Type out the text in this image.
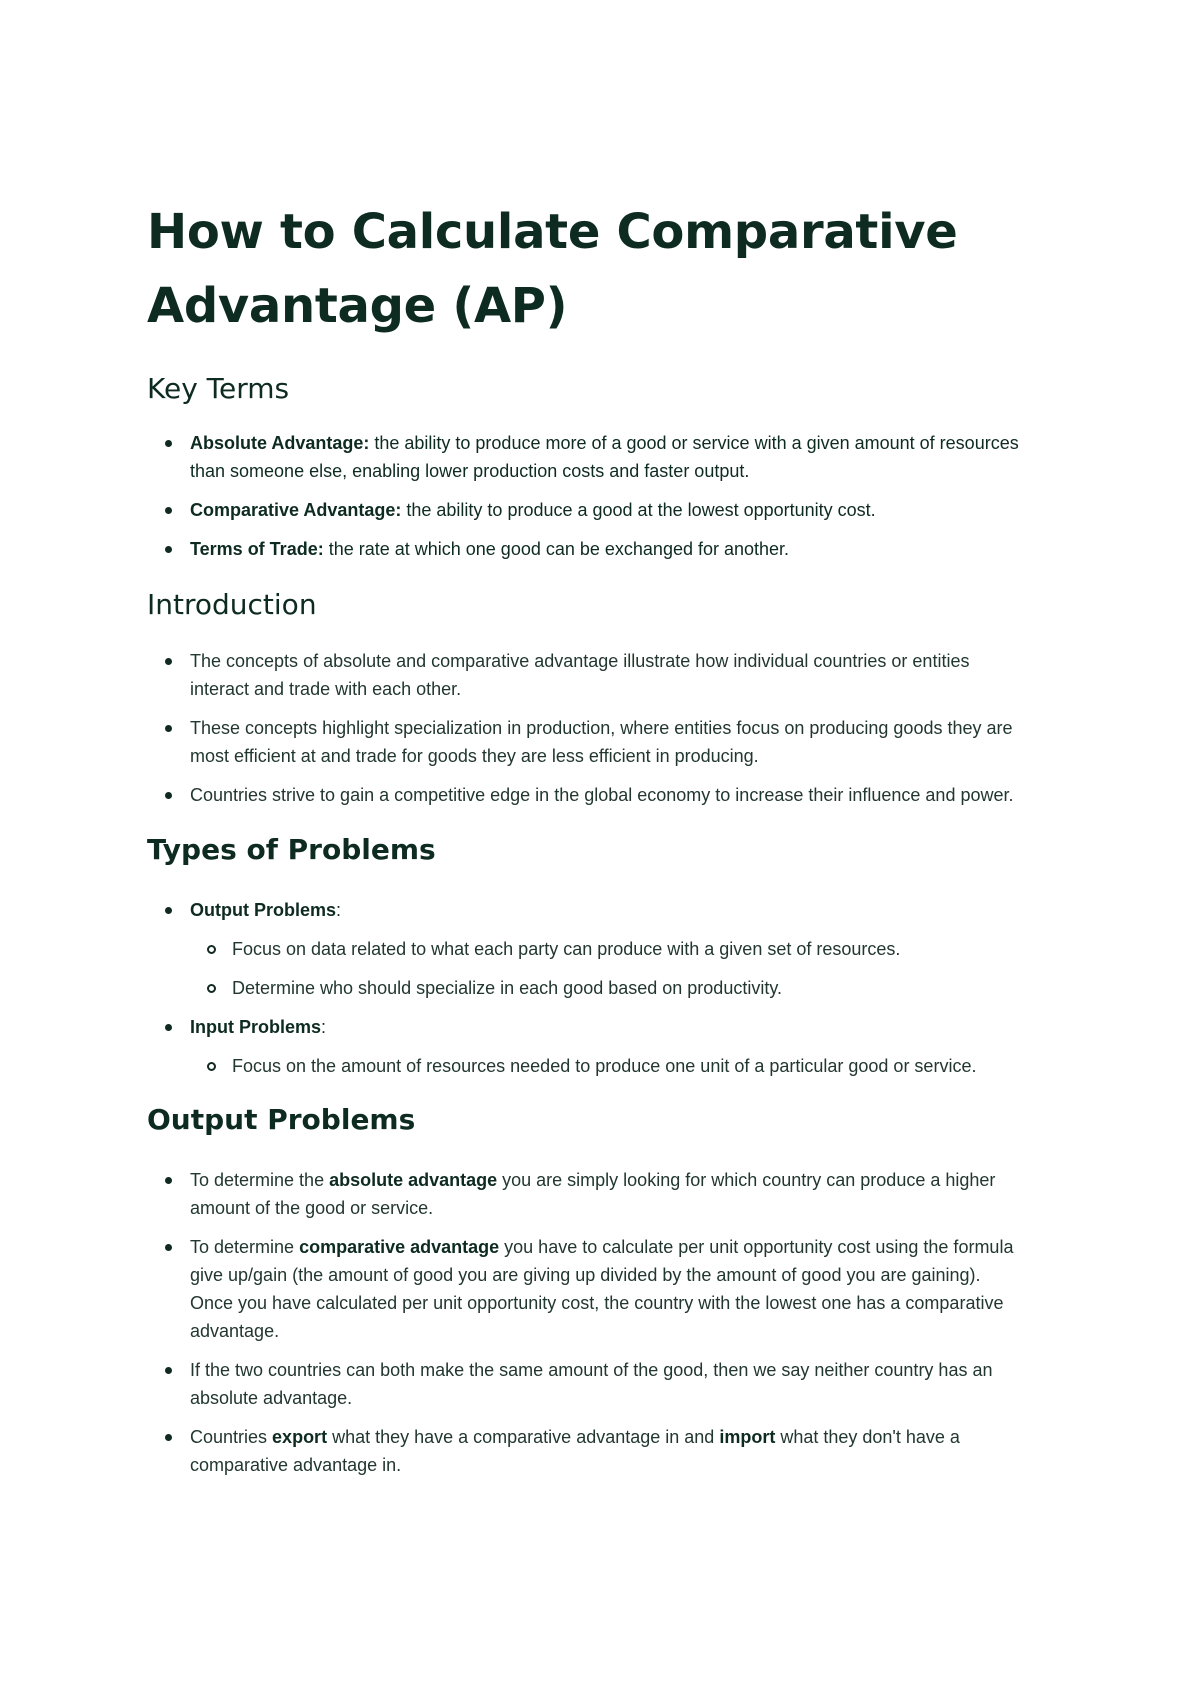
How to Calculate Comparative Advantage (AP)
Key Terms
Absolute Advantage: the ability to produce more of a good or service with a given amount of resources than someone else, enabling lower production costs and faster output.
Comparative Advantage: the ability to produce a good at the lowest opportunity cost.
Terms of Trade: the rate at which one good can be exchanged for another.
Introduction
The concepts of absolute and comparative advantage illustrate how individual countries or entities interact and trade with each other.
These concepts highlight specialization in production, where entities focus on producing goods they are most efficient at and trade for goods they are less efficient in producing.
Countries strive to gain a competitive edge in the global economy to increase their influence and power.
Types of Problems
Output Problems:
Focus on data related to what each party can produce with a given set of resources.
Determine who should specialize in each good based on productivity.
Input Problems:
Focus on the amount of resources needed to produce one unit of a particular good or service.
Output Problems
To determine the absolute advantage you are simply looking for which country can produce a higher amount of the good or service.
To determine comparative advantage you have to calculate per unit opportunity cost using the formula give up/gain (the amount of good you are giving up divided by the amount of good you are gaining). Once you have calculated per unit opportunity cost, the country with the lowest one has a comparative advantage.
If the two countries can both make the same amount of the good, then we say neither country has an absolute advantage.
Countries export what they have a comparative advantage in and import what they don't have a comparative advantage in.
